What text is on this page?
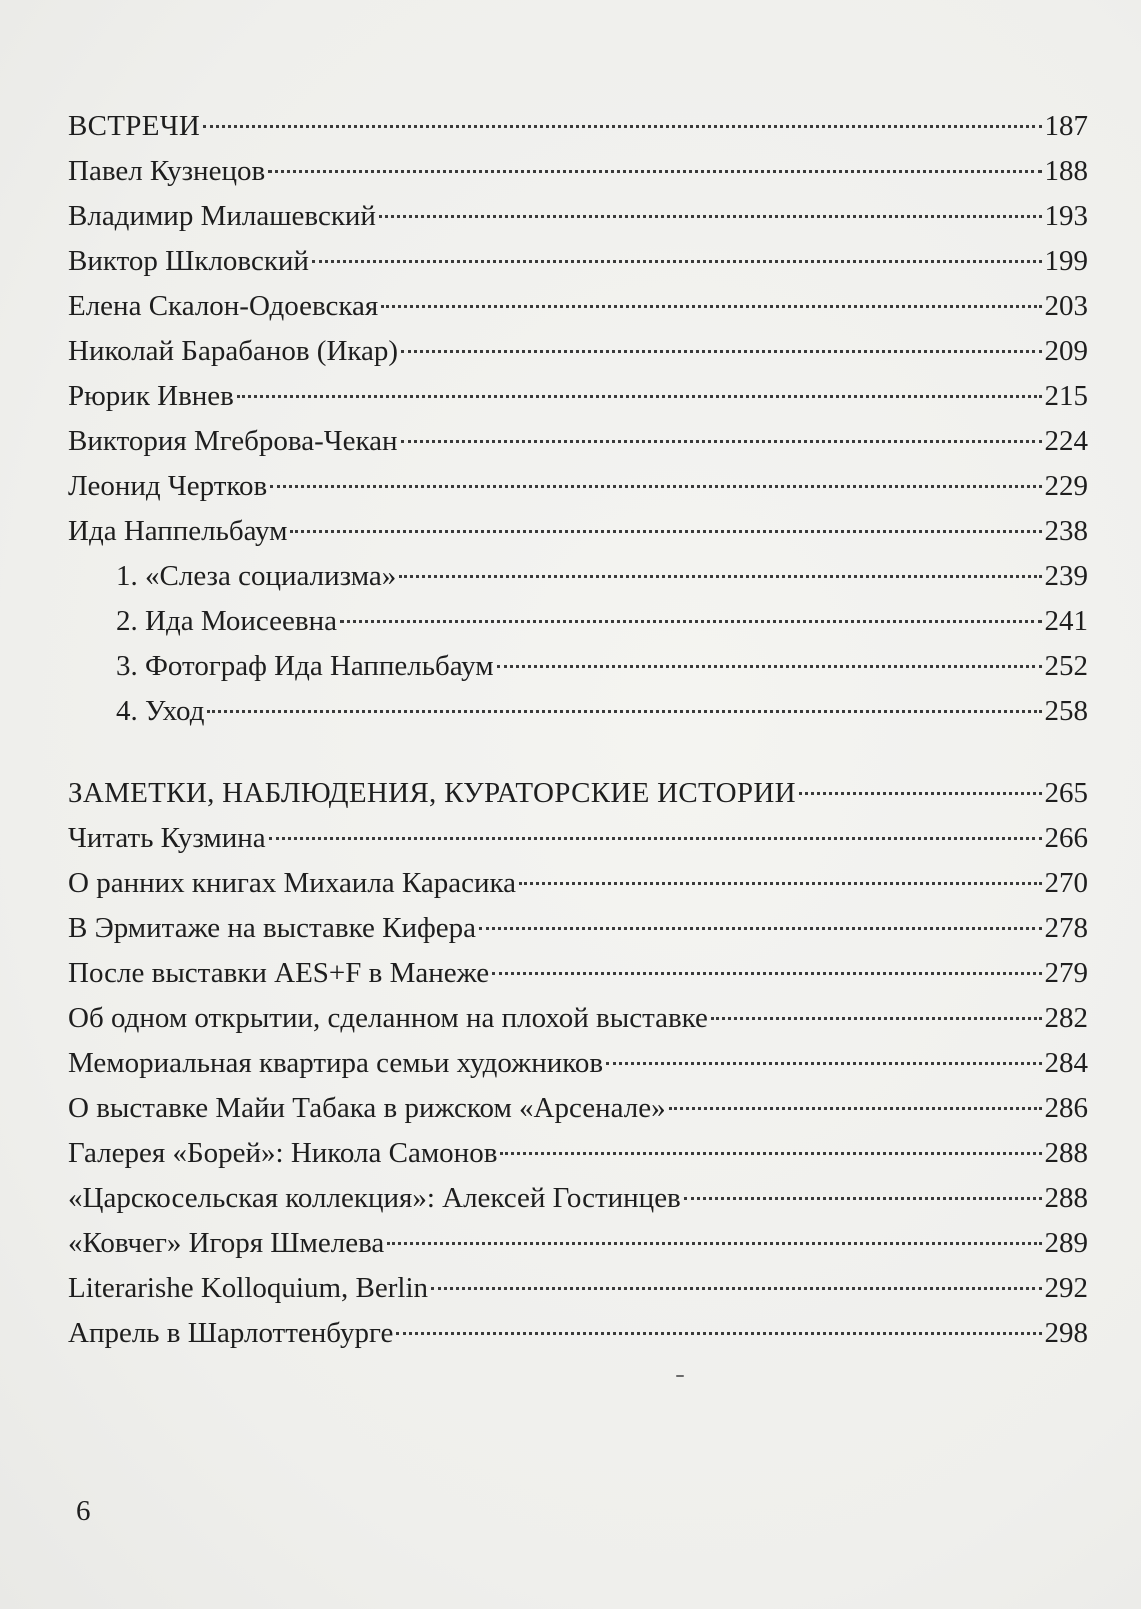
ВСТРЕЧИ	187
Павел Кузнецов	188
Владимир Милашевский	193
Виктор Шкловский	199
Елена Скалон-Одоевская	203
Николай Барабанов (Икар)	209
Рюрик Ивнев	215
Виктория Мгеброва-Чекан	224
Леонид Чертков	229
Ида Наппельбаум	238
1. «Слеза социализма»	239
2. Ида Моисеевна	241
3. Фотограф Ида Наппельбаум	252
4. Уход	258
ЗАМЕТКИ, НАБЛЮДЕНИЯ, КУРАТОРСКИЕ ИСТОРИИ	265
Читать Кузмина	266
О ранних книгах Михаила Карасика	270
В Эрмитаже на выставке Кифера	278
После выставки AES+F в Манеже	279
Об одном открытии, сделанном на плохой выставке	282
Мемориальная квартира семьи художников	284
О выставке Майи Табака в рижском «Арсенале»	286
Галерея «Борей»: Никола Самонов	288
«Царскосельская коллекция»: Алексей Гостинцев	288
«Ковчег» Игоря Шмелева	289
Literarishe Kolloquium, Berlin	292
Апрель в Шарлоттенбурге	298
6
